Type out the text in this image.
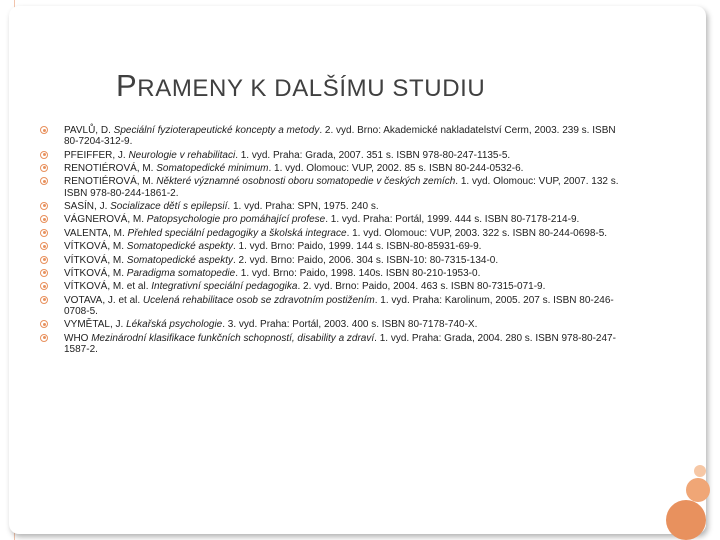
PRAMENY K DALŠÍMU STUDIU
PAVLŮ, D. Speciální fyzioterapeutické koncepty a metody. 2. vyd. Brno: Akademické nakladatelství Cerm, 2003. 239 s. ISBN 80-7204-312-9.
PFEIFFER, J. Neurologie v rehabilitaci. 1. vyd. Praha: Grada, 2007. 351 s. ISBN 978-80-247-1135-5.
RENOTIÉROVÁ, M. Somatopedické minimum. 1. vyd. Olomouc: VUP, 2002. 85 s. ISBN 80-244-0532-6.
RENOTIÉROVÁ, M. Některé významné osobnosti oboru somatopedie v českých zemích. 1. vyd. Olomouc: VUP, 2007. 132 s. ISBN 978-80-244-1861-2.
SASÍN, J. Socializace dětí s epilepsií. 1. vyd. Praha: SPN, 1975. 240 s.
VÁGNEROVÁ, M. Patopsychologie pro pomáhající profese. 1. vyd. Praha: Portál, 1999. 444 s. ISBN 80-7178-214-9.
VALENTA, M. Přehled speciální pedagogiky a školská integrace. 1. vyd. Olomouc: VUP, 2003. 322 s. ISBN 80-244-0698-5.
VÍTKOVÁ, M. Somatopedické aspekty. 1. vyd. Brno: Paido, 1999. 144 s. ISBN-80-85931-69-9.
VÍTKOVÁ, M. Somatopedické aspekty. 2. vyd. Brno: Paido, 2006. 304 s. ISBN-10: 80-7315-134-0.
VÍTKOVÁ, M. Paradigma somatopedie. 1. vyd. Brno: Paido, 1998. 140s. ISBN 80-210-1953-0.
VÍTKOVÁ, M. et al. Integrativní speciální pedagogika. 2. vyd. Brno: Paido, 2004. 463 s. ISBN 80-7315-071-9.
VOTAVA, J. et al. Ucelená rehabilitace osob se zdravotním postižením. 1. vyd. Praha: Karolinum, 2005. 207 s. ISBN 80-246-0708-5.
VYMĚTAL, J. Lékařská psychologie. 3. vyd. Praha: Portál, 2003. 400 s. ISBN 80-7178-740-X.
WHO Mezinárodní klasifikace funkčních schopností, disability a zdraví. 1. vyd. Praha: Grada, 2004. 280 s. ISBN 978-80-247-1587-2.
